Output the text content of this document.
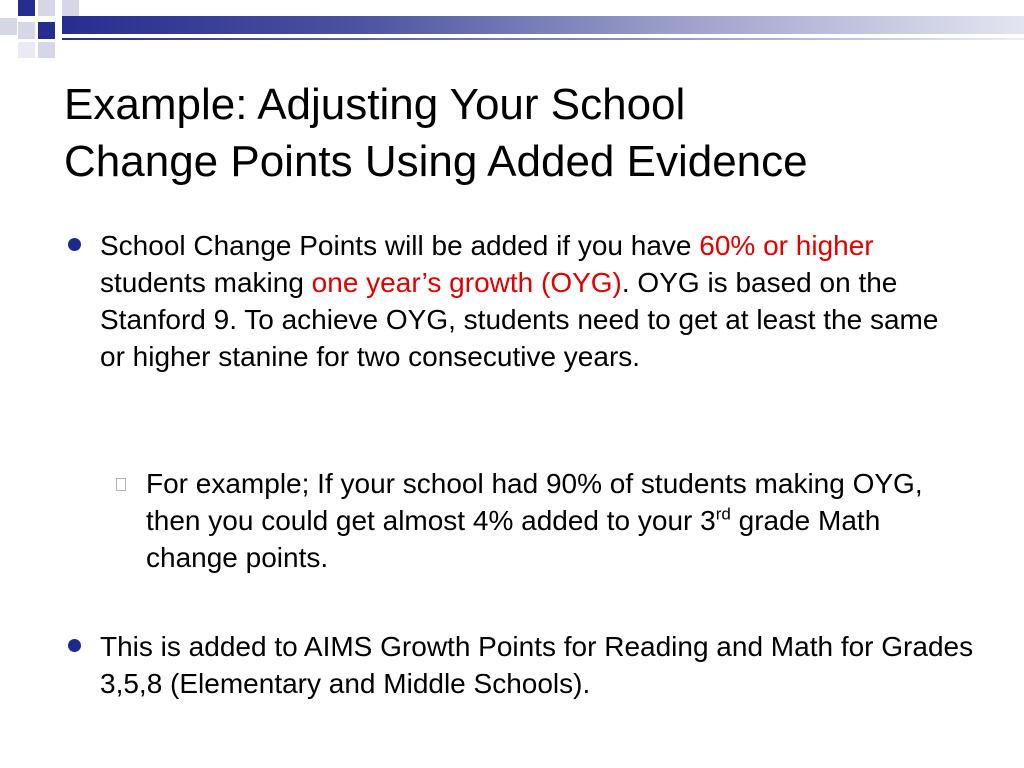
Example: Adjusting Your School
Change Points Using Added Evidence
School Change Points will be added if you have 60% or higher students making one year’s growth (OYG). OYG is based on the Stanford 9. To achieve OYG, students need to get at least the same or higher stanine for two consecutive years.
For example; If your school had 90% of students making OYG, then you could get almost 4% added to your 3rd grade Math change points.
This is added to AIMS Growth Points for Reading and Math for Grades 3,5,8 (Elementary and Middle Schools).
